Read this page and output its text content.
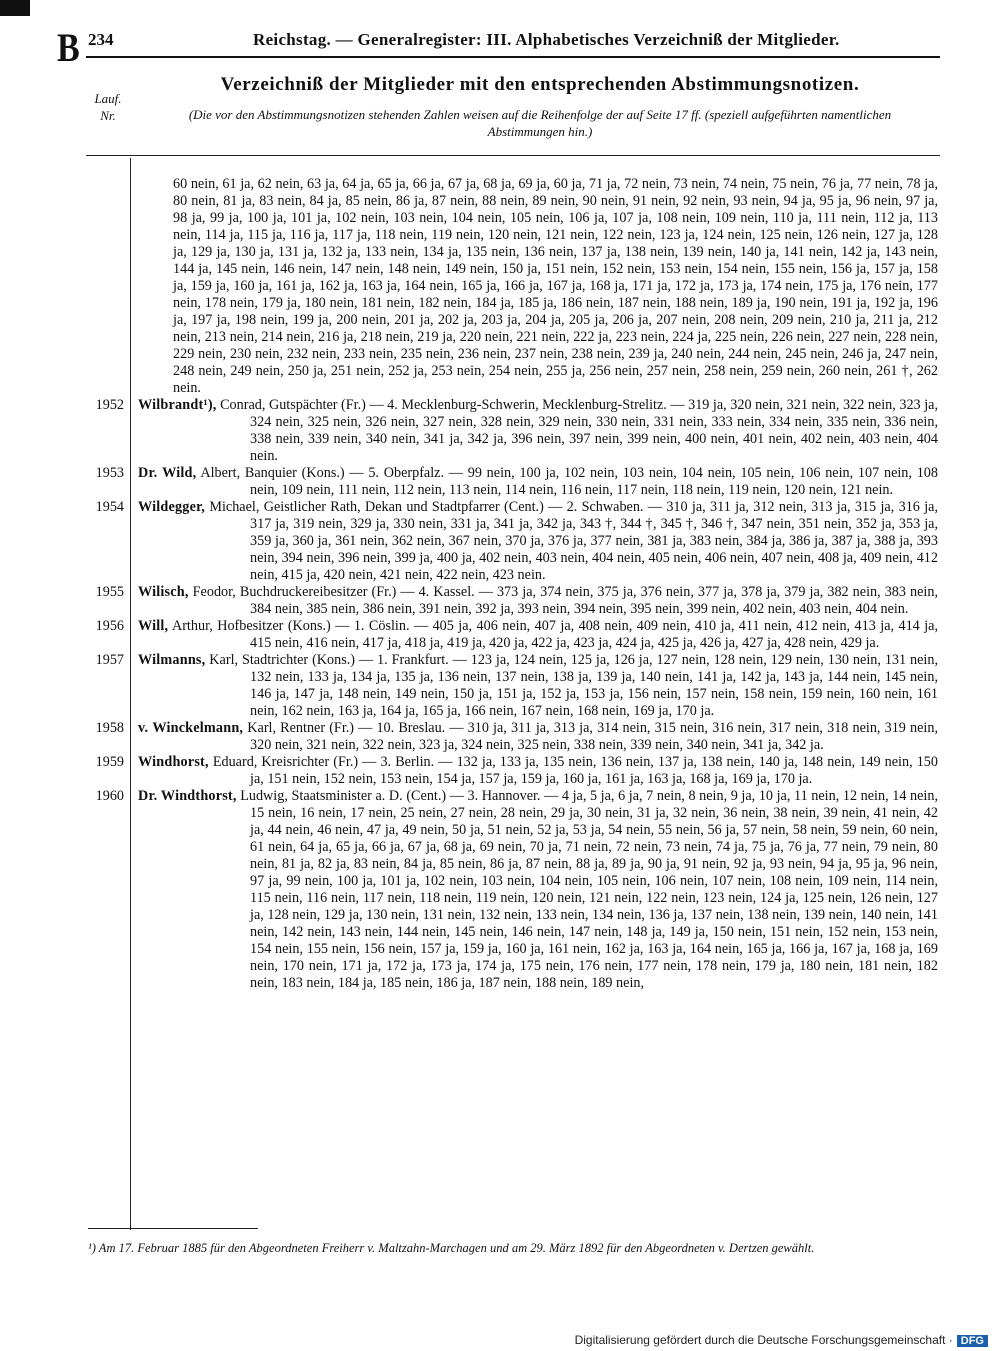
B 234	Reichstag. — Generalregister: III. Alphabetisches Verzeichniß der Mitglieder.
Lauf.
Nr.
Verzeichniß der Mitglieder mit den entsprechenden Abstimmungsnotizen.
(Die vor den Abstimmungsnotizen stehenden Zahlen weisen auf die Reihenfolge der auf Seite 17 ff. (speziell aufgeführten namentlichen Abstimmungen hin.)
60 nein, 61 ja, 62 nein, 63 ja, 64 ja, 65 ja, 66 ja, 67 ja, 68 ja, 69 ja, 60 ja, 71 ja, 72 nein, 73 nein, 74 nein, 75 nein, 76 ja, 77 nein, 78 ja, 80 nein, 81 ja, 83 nein, 84 ja, 85 nein, 86 ja, 87 nein, 88 nein, 89 nein, 90 nein, 91 nein, 92 nein, 93 nein, 94 ja, 95 ja, 96 nein, 97 ja, 98 ja, 99 ja, 100 ja, 101 ja, 102 nein, 103 nein, 104 nein, 105 nein, 106 ja, 107 ja, 108 nein, 109 nein, 110 ja, 111 nein, 112 ja, 113 nein, 114 ja, 115 ja, 116 ja, 117 ja, 118 nein, 119 nein, 120 nein, 121 nein, 122 nein, 123 ja, 124 nein, 125 nein, 126 nein, 127 ja, 128 ja, 129 ja, 130 ja, 131 ja, 132 ja, 133 nein, 134 ja, 135 nein, 136 nein, 137 ja, 138 nein, 139 nein, 140 ja, 141 nein, 142 ja, 143 nein, 144 ja, 145 nein, 146 nein, 147 nein, 148 nein, 149 nein, 150 ja, 151 nein, 152 nein, 153 nein, 154 nein, 155 nein, 156 ja, 157 ja, 158 ja, 159 ja, 160 ja, 161 ja, 162 ja, 163 ja, 164 nein, 165 ja, 166 ja, 167 ja, 168 ja, 171 ja, 172 ja, 173 ja, 174 nein, 175 ja, 176 nein, 177 nein, 178 nein, 179 ja, 180 nein, 181 nein, 182 nein, 184 ja, 185 ja, 186 nein, 187 nein, 188 nein, 189 ja, 190 nein, 191 ja, 192 ja, 196 ja, 197 ja, 198 nein, 199 ja, 200 nein, 201 ja, 202 ja, 203 ja, 204 ja, 205 ja, 206 ja, 207 nein, 208 nein, 209 nein, 210 ja, 211 ja, 212 nein, 213 nein, 214 nein, 216 ja, 218 nein, 219 ja, 220 nein, 221 nein, 222 ja, 223 nein, 224 ja, 225 nein, 226 nein, 227 nein, 228 nein, 229 nein, 230 nein, 232 nein, 233 nein, 235 nein, 236 nein, 237 nein, 238 nein, 239 ja, 240 nein, 244 nein, 245 nein, 246 ja, 247 nein, 248 nein, 249 nein, 250 ja, 251 nein, 252 ja, 253 nein, 254 nein, 255 ja, 256 nein, 257 nein, 258 nein, 259 nein, 260 nein, 261 †, 262 nein.
1952 Wilbrandt¹), Conrad, Gutspächter (Fr.) — 4. Mecklenburg-Schwerin, Mecklenburg-Strelitz. — 319 ja, 320 nein, 321 nein, 322 nein, 323 ja, 324 nein, 325 nein, 326 nein, 327 nein, 328 nein, 329 nein, 330 nein, 331 nein, 333 nein, 334 nein, 335 nein, 336 nein, 338 nein, 339 nein, 340 nein, 341 ja, 342 ja, 396 nein, 397 nein, 399 nein, 400 nein, 401 nein, 402 nein, 403 nein, 404 nein.
1953 Dr. Wild, Albert, Banquier (Kons.) — 5. Oberpfalz. — 99 nein, 100 ja, 102 nein, 103 nein, 104 nein, 105 nein, 106 nein, 107 nein, 108 nein, 109 nein, 111 nein, 112 nein, 113 nein, 114 nein, 116 nein, 117 nein, 118 nein, 119 nein, 120 nein, 121 nein.
1954 Wildegger, Michael, Geistlicher Rath, Dekan und Stadtpfarrer (Cent.) — 2. Schwaben. — 310 ja, 311 ja, 312 nein, 313 ja, 315 ja, 316 ja, 317 ja, 319 nein, 329 ja, 330 nein, 331 ja, 341 ja, 342 ja, 343 †, 344 †, 345 †, 346 †, 347 nein, 351 nein, 352 ja, 353 ja, 359 ja, 360 ja, 361 nein, 362 nein, 367 nein, 370 ja, 376 ja, 377 nein, 381 ja, 383 nein, 384 ja, 386 ja, 387 ja, 388 ja, 393 nein, 394 nein, 396 nein, 399 ja, 400 ja, 402 nein, 403 nein, 404 nein, 405 nein, 406 nein, 407 nein, 408 ja, 409 nein, 412 nein, 415 ja, 420 nein, 421 nein, 422 nein, 423 nein.
1955 Wilisch, Feodor, Buchdruckereibesitzer (Fr.) — 4. Kassel. — 373 ja, 374 nein, 375 ja, 376 nein, 377 ja, 378 ja, 379 ja, 382 nein, 383 nein, 384 nein, 385 nein, 386 nein, 391 nein, 392 ja, 393 nein, 394 nein, 395 nein, 399 nein, 402 nein, 403 nein, 404 nein.
1956 Will, Arthur, Hofbesitzer (Kons.) — 1. Cöslin. — 405 ja, 406 nein, 407 ja, 408 nein, 409 nein, 410 ja, 411 nein, 412 nein, 413 ja, 414 ja, 415 nein, 416 nein, 417 ja, 418 ja, 419 ja, 420 ja, 422 ja, 423 ja, 424 ja, 425 ja, 426 ja, 427 ja, 428 nein, 429 ja.
1957 Wilmanns, Karl, Stadtrichter (Kons.) — 1. Frankfurt. — 123 ja, 124 nein, 125 ja, 126 ja, 127 nein, 128 nein, 129 nein, 130 nein, 131 nein, 132 nein, 133 ja, 134 ja, 135 ja, 136 nein, 137 nein, 138 ja, 139 ja, 140 nein, 141 ja, 142 ja, 143 ja, 144 nein, 145 nein, 146 ja, 147 ja, 148 nein, 149 nein, 150 ja, 151 ja, 152 ja, 153 ja, 156 nein, 157 nein, 158 nein, 159 nein, 160 nein, 161 nein, 162 nein, 163 ja, 164 ja, 165 ja, 166 nein, 167 nein, 168 nein, 169 ja, 170 ja.
1958 v. Winckelmann, Karl, Rentner (Fr.) — 10. Breslau. — 310 ja, 311 ja, 313 ja, 314 nein, 315 nein, 316 nein, 317 nein, 318 nein, 319 nein, 320 nein, 321 nein, 322 nein, 323 ja, 324 nein, 325 nein, 338 nein, 339 nein, 340 nein, 341 ja, 342 ja.
1959 Windhorst, Eduard, Kreisrichter (Fr.) — 3. Berlin. — 132 ja, 133 ja, 135 nein, 136 nein, 137 ja, 138 nein, 140 ja, 148 nein, 149 nein, 150 ja, 151 nein, 152 nein, 153 nein, 154 ja, 157 ja, 159 ja, 160 ja, 161 ja, 163 ja, 168 ja, 169 ja, 170 ja.
1960 Dr. Windthorst, Ludwig, Staatsminister a. D. (Cent.) — 3. Hannover. — 4 ja, 5 ja, 6 ja, 7 nein, 8 nein, 9 ja, 10 ja, 11 nein, 12 nein, 14 nein, 15 nein, 16 nein, 17 nein, 25 nein, 27 nein, 28 nein, 29 ja, 30 nein, 31 ja, 32 nein, 36 nein, 38 nein, 39 nein, 41 nein, 42 ja, 44 nein, 46 nein, 47 ja, 49 nein, 50 ja, 51 nein, 52 ja, 53 ja, 54 nein, 55 nein, 56 ja, 57 nein, 58 nein, 59 nein, 60 nein, 61 nein, 64 ja, 65 ja, 66 ja, 67 ja, 68 ja, 69 nein, 70 ja, 71 nein, 72 nein, 73 nein, 74 ja, 75 ja, 76 ja, 77 nein, 79 nein, 80 nein, 81 ja, 82 ja, 83 nein, 84 ja, 85 nein, 86 ja, 87 nein, 88 ja, 89 ja, 90 ja, 91 nein, 92 ja, 93 nein, 94 ja, 95 ja, 96 nein, 97 ja, 99 nein, 100 ja, 101 ja, 102 nein, 103 nein, 104 nein, 105 nein, 106 nein, 107 nein, 108 nein, 109 nein, 114 nein, 115 nein, 116 nein, 117 nein, 118 nein, 119 nein, 120 nein, 121 nein, 122 nein, 123 nein, 124 ja, 125 nein, 126 nein, 127 ja, 128 nein, 129 ja, 130 nein, 131 nein, 132 nein, 133 nein, 134 nein, 136 ja, 137 nein, 138 nein, 139 nein, 140 nein, 141 nein, 142 nein, 143 nein, 144 nein, 145 nein, 146 nein, 147 nein, 148 ja, 149 ja, 150 nein, 151 nein, 152 nein, 153 nein, 154 nein, 155 nein, 156 nein, 157 ja, 159 ja, 160 ja, 161 nein, 162 ja, 163 ja, 164 nein, 165 ja, 166 ja, 167 ja, 168 ja, 169 nein, 170 nein, 171 ja, 172 ja, 173 ja, 174 ja, 175 nein, 176 nein, 177 nein, 178 nein, 179 ja, 180 nein, 181 nein, 182 nein, 183 nein, 184 ja, 185 nein, 186 ja, 187 nein, 188 nein, 189 nein,
¹) Am 17. Februar 1885 für den Abgeordneten Freiherr v. Maltzahn-Marchagen und am 29. März 1892 für den Abgeordneten v. Dertzen gewählt.
Digitalisierung gefördert durch die Deutsche Forschungsgemeinschaft · DFG
